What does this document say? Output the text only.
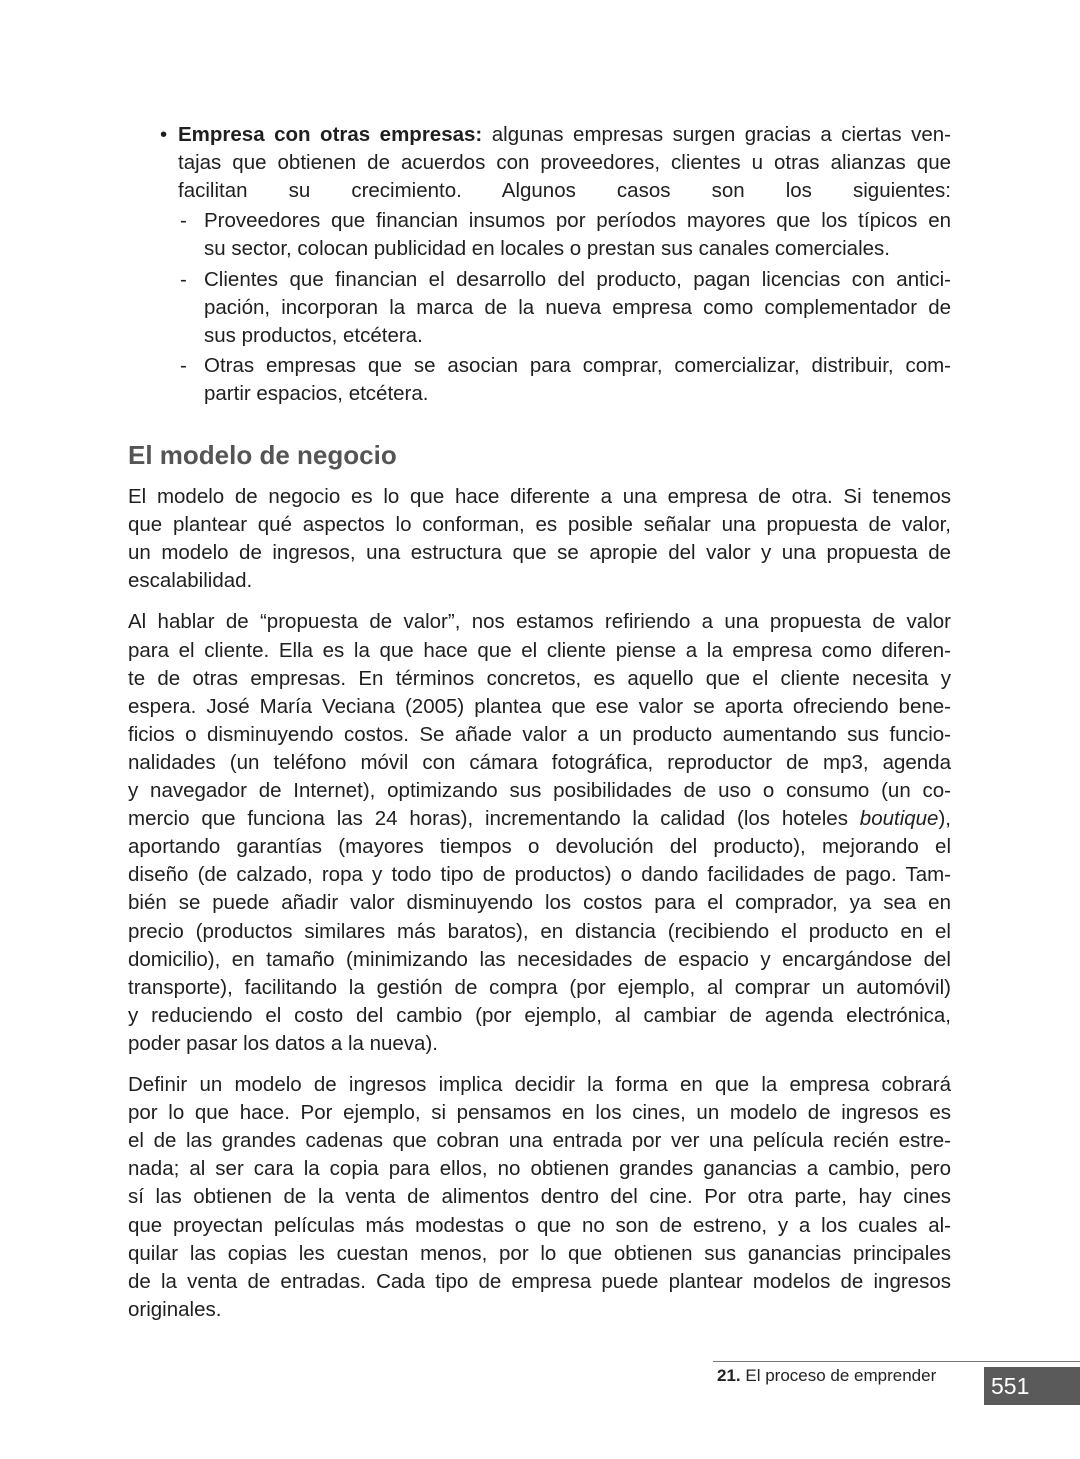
• Empresa con otras empresas: algunas empresas surgen gracias a ciertas ven-
tajas que obtienen de acuerdos con proveedores, clientes u otras alianzas que
facilitan su crecimiento. Algunos casos son los siguientes:
- Proveedores que financian insumos por períodos mayores que los típicos en
su sector, colocan publicidad en locales o prestan sus canales comerciales.
- Clientes que financian el desarrollo del producto, pagan licencias con antici-
pación, incorporan la marca de la nueva empresa como complementador de
sus productos, etcétera.
- Otras empresas que se asocian para comprar, comercializar, distribuir, com-
partir espacios, etcétera.
El modelo de negocio es lo que hace diferente a una empresa de otra. Si tenemos
que plantear qué aspectos lo conforman, es posible señalar una propuesta de valor,
un modelo de ingresos, una estructura que se apropie del valor y una propuesta de
escalabilidad.
Al hablar de “propuesta de valor”, nos estamos refiriendo a una propuesta de valor
para el cliente. Ella es la que hace que el cliente piense a la empresa como diferen-
te de otras empresas. En términos concretos, es aquello que el cliente necesita y
espera. José María Veciana (2005) plantea que ese valor se aporta ofreciendo bene-
ficios o disminuyendo costos. Se añade valor a un producto aumentando sus funcio-
nalidades (un teléfono móvil con cámara fotográfica, reproductor de mp3, agenda
y navegador de Internet), optimizando sus posibilidades de uso o consumo (un co-
mercio que funciona las 24 horas), incrementando la calidad (los hoteles boutique),
aportando garantías (mayores tiempos o devolución del producto), mejorando el
diseño (de calzado, ropa y todo tipo de productos) o dando facilidades de pago. Tam-
bién se puede añadir valor disminuyendo los costos para el comprador, ya sea en
precio (productos similares más baratos), en distancia (recibiendo el producto en el
domicilio), en tamaño (minimizando las necesidades de espacio y encargándose del
transporte), facilitando la gestión de compra (por ejemplo, al comprar un automóvil)
y reduciendo el costo del cambio (por ejemplo, al cambiar de agenda electrónica,
poder pasar los datos a la nueva).
Definir un modelo de ingresos implica decidir la forma en que la empresa cobrará
por lo que hace. Por ejemplo, si pensamos en los cines, un modelo de ingresos es
el de las grandes cadenas que cobran una entrada por ver una película recién estre-
nada; al ser cara la copia para ellos, no obtienen grandes ganancias a cambio, pero
sí las obtienen de la venta de alimentos dentro del cine. Por otra parte, hay cines
que proyectan películas más modestas o que no son de estreno, y a los cuales al-
quilar las copias les cuestan menos, por lo que obtienen sus ganancias principales
de la venta de entradas. Cada tipo de empresa puede plantear modelos de ingresos
originales.
El modelo de negocio
21. El proceso de emprender	551
